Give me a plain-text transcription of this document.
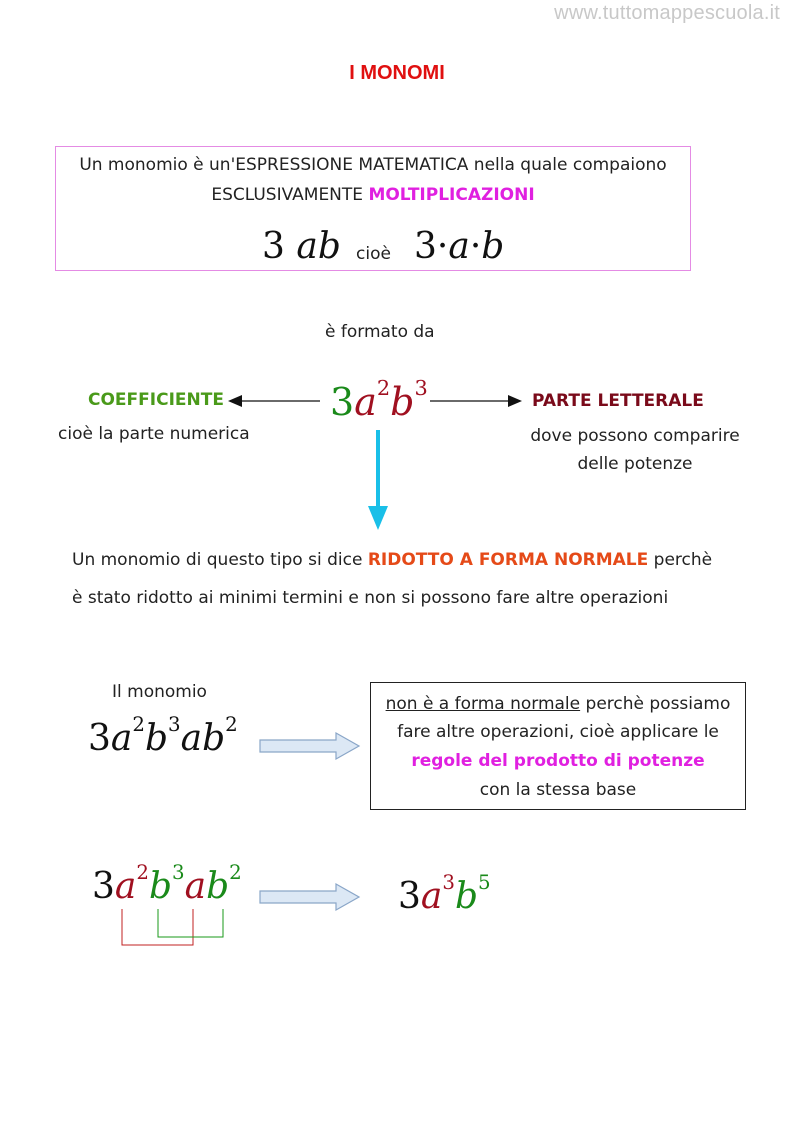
www.tuttomappescuola.it
I MONOMI
Un monomio è un'ESPRESSIONE MATEMATICA nella quale compaiono
ESCLUSIVAMENTE MOLTIPLICAZIONI
3 ab cioè 3·a·b
è formato da
COEFFICIENTE
cioè la parte numerica
$3a^2b^3$
PARTE LETTERALE
dove possono comparire
delle potenze
Un monomio di questo tipo si dice RIDOTTO A FORMA NORMALE perchè
è stato ridotto ai minimi termini e non si possono fare altre operazioni
Il monomio
$3a^2b^3ab^2$
non è a forma normale perchè possiamo
fare altre operazioni, cioè applicare le
regole del prodotto di potenze
con la stessa base
$3a^2b^3ab^2$
$3a^3b^5$
